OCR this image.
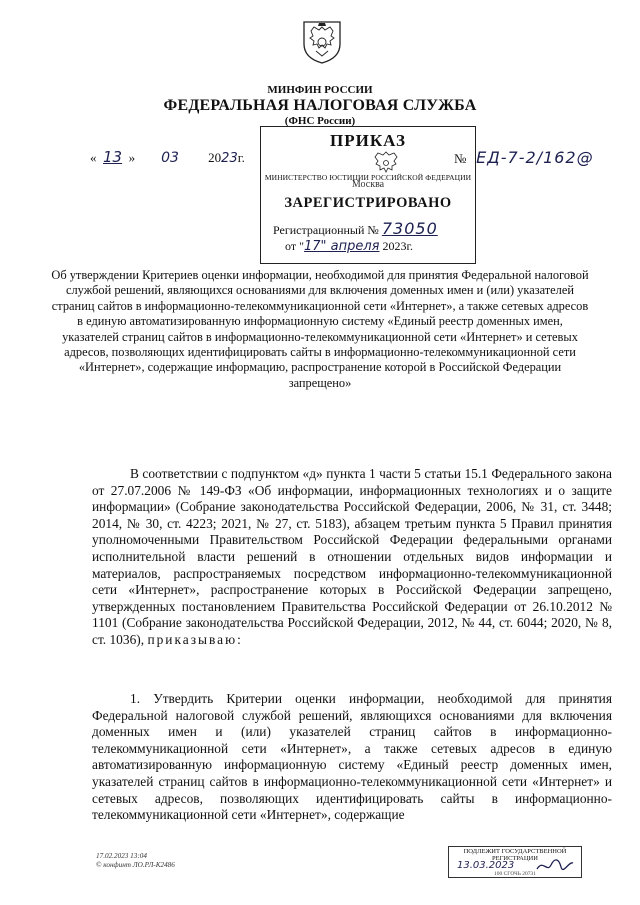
МИНФИН РОССИИ
ФЕДЕРАЛЬНАЯ НАЛОГОВАЯ СЛУЖБА
(ФНС России)
«  13  »        03 2023г.	№ ЕД-7-2/162@
ПРИКАЗ
МИНИСТЕРСТВО ЮСТИЦИИ РОССИЙСКОЙ ФЕДЕРАЦИИ
Москва
ЗАРЕГИСТРИРОВАНО
Регистрационный № 73050
от "17" апреля 2023г.
Об утверждении Критериев оценки информации, необходимой для принятия Федеральной налоговой службой решений, являющихся основаниями для включения доменных имен и (или) указателей страниц сайтов в информационно-телекоммуникационной сети «Интернет», а также сетевых адресов в единую автоматизированную информационную систему «Единый реестр доменных имен, указателей страниц сайтов в информационно-телекоммуникационной сети «Интернет» и сетевых адресов, позволяющих идентифицировать сайты в информационно-телекоммуникационной сети «Интернет», содержащие информацию, распространение которой в Российской Федерации запрещено»

В соответствии с подпунктом «д» пункта 1 части 5 статьи 15.1 Федерального закона от 27.07.2006 № 149-ФЗ «Об информации, информационных технологиях и о защите информации» (Собрание законодательства Российской Федерации, 2006, № 31, ст. 3448; 2014, № 30, ст. 4223; 2021, № 27, ст. 5183), абзацем третьим пункта 5 Правил принятия уполномоченными Правительством Российской Федерации федеральными органами исполнительной власти решений в отношении отдельных видов информации и материалов, распространяемых посредством информационно-телекоммуникационной сети «Интернет», распространение которых в Российской Федерации запрещено, утвержденных постановлением Правительства Российской Федерации от 26.10.2012 № 1101 (Собрание законодательства Российской Федерации, 2012, № 44, ст. 6044; 2020, № 8, ст. 1036), приказываю:

1. Утвердить Критерии оценки информации, необходимой для принятия Федеральной налоговой службой решений, являющихся основаниями для включения доменных имен и (или) указателей страниц сайтов в информационно-телекоммуникационной сети «Интернет», а также сетевых адресов в единую автоматизированную информационную систему «Единый реестр доменных имен, указателей страниц сайтов в информационно-телекоммуникационной сети «Интернет» и сетевых адресов, позволяющих идентифицировать сайты в информационно-телекоммуникационной сети «Интернет», содержащие

17.02.2023 13:04
© конфинт ЛО.РЛ-К2486
ПОДЛЕЖИТ ГОСУДАРСТВЕННОЙ РЕГИСТРАЦИИ
13.03.2023
100 СГОЧЬ 20731
